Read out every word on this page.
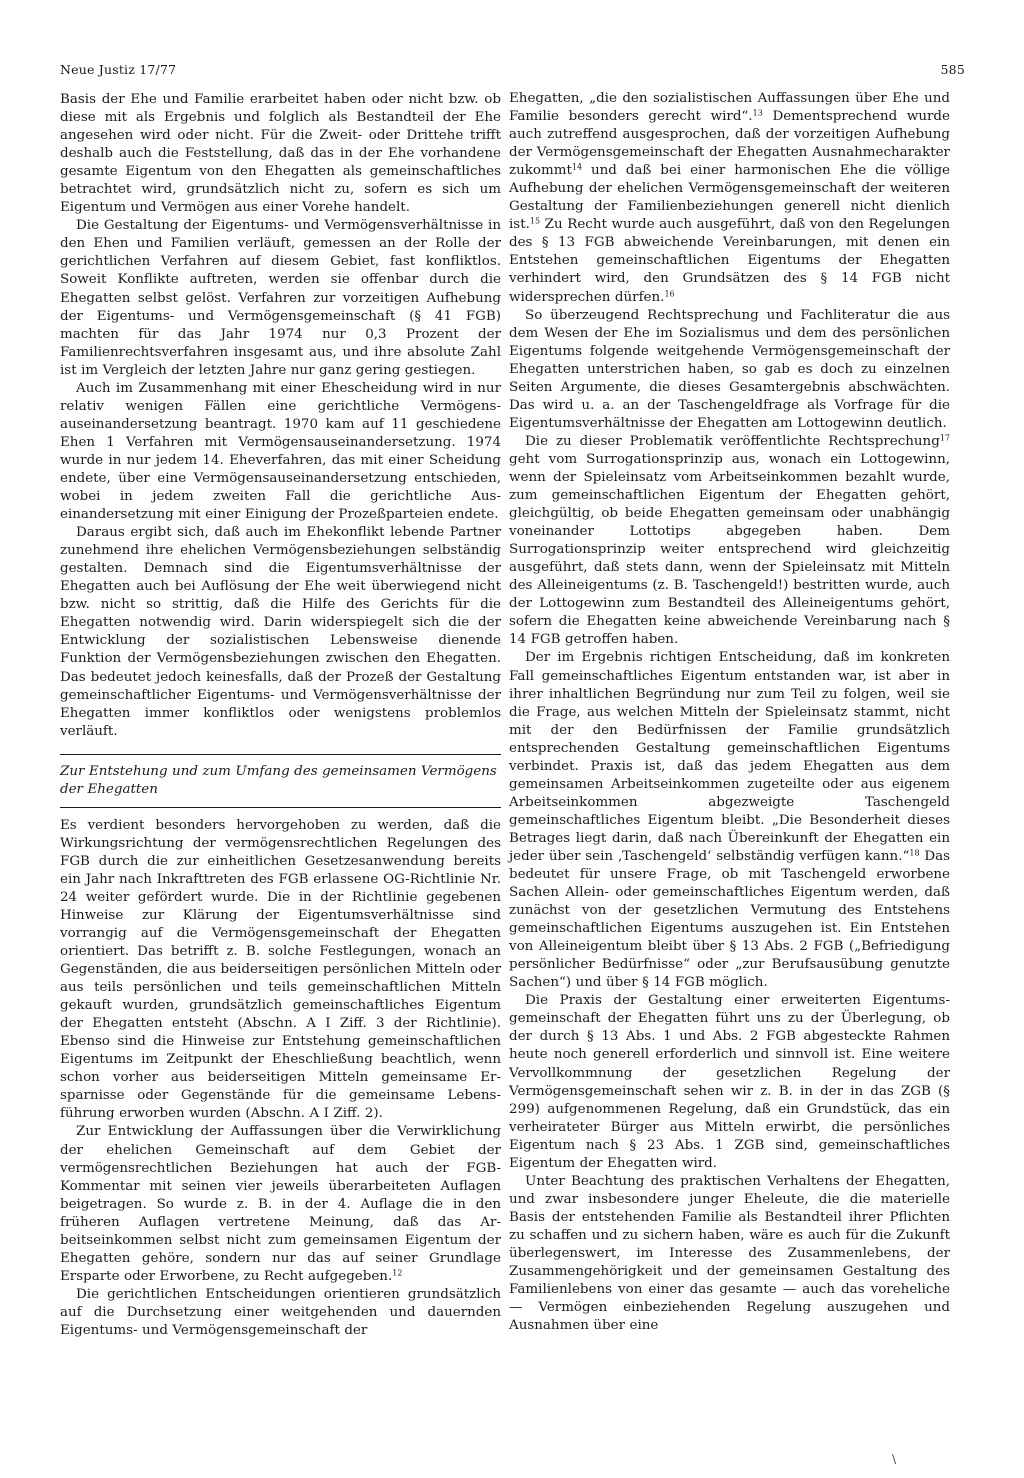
Neue Justiz 17/77	585

Basis der Ehe und Familie erarbeitet haben oder nicht bzw. ob diese mit als Ergebnis und folglich als Bestandteil der Ehe angesehen wird oder nicht. Für die Zweit- oder Drittehe trifft deshalb auch die Feststellung, daß das in der Ehe vorhandene gesamte Eigentum von den Ehegatten als gemeinschaftliches betrachtet wird, grundsätzlich nicht zu, sofern es sich um Eigentum und Vermögen aus einer Vorehe handelt.

Die Gestaltung der Eigentums- und Vermögensverhältnisse in den Ehen und Familien verläuft, gemessen an der Rolle der gerichtlichen Verfahren auf diesem Gebiet, fast konfliktlos. Soweit Konflikte auftreten, werden sie offenbar durch die Ehegatten selbst gelöst. Verfahren zur vorzeitigen Aufhebung der Eigentums- und Vermögensgemeinschaft (§ 41 FGB) machten für das Jahr 1974 nur 0,3 Prozent der Familienrechtsverfahren insgesamt aus, und ihre absolute Zahl ist im Vergleich der letzten Jahre nur ganz gering gestiegen.

Auch im Zusammenhang mit einer Ehescheidung wird in nur relativ wenigen Fällen eine gerichtliche Vermögensauseinandersetzung beantragt. 1970 kam auf 11 geschiedene Ehen 1 Verfahren mit Vermögensauseinandersetzung. 1974 wurde in nur jedem 14. Eheverfahren, das mit einer Scheidung endete, über eine Vermögensauseinandersetzung entschieden, wobei in jedem zweiten Fall die gerichtliche Auseinandersetzung mit einer Einigung der Prozeßparteien endete.

Daraus ergibt sich, daß auch im Ehekonflikt lebende Partner zunehmend ihre ehelichen Vermögensbeziehungen selbständig gestalten. Demnach sind die Eigentumsverhältnisse der Ehegatten auch bei Auflösung der Ehe weit überwiegend nicht bzw. nicht so strittig, daß die Hilfe des Gerichts für die Ehegatten notwendig wird. Darin widerspiegelt sich die der Entwicklung der sozialistischen Lebensweise dienende Funktion der Vermögensbeziehungen zwischen den Ehegatten. Das bedeutet jedoch keinesfalls, daß der Prozeß der Gestaltung gemeinschaftlicher Eigentums- und Vermögensverhältnisse der Ehegatten immer konfliktlos oder wenigstens problemlos verläuft.

Zur Entstehung und zum Umfang des gemeinsamen Vermögens der Ehegatten

Es verdient besonders hervorgehoben zu werden, daß die Wirkungsrichtung der vermögensrechtlichen Regelungen des FGB durch die zur einheitlichen Gesetzesanwendung bereits ein Jahr nach Inkrafttreten des FGB erlassene OG-Richtlinie Nr. 24 weiter gefördert wurde. Die in der Richtlinie gegebenen Hinweise zur Klärung der Eigentumsverhältnisse sind vorrangig auf die Vermögensgemeinschaft der Ehegatten orientiert. Das betrifft z. B. solche Festlegungen, wonach an Gegenständen, die aus beiderseitigen persönlichen Mitteln oder aus teils persönlichen und teils gemeinschaftlichen Mitteln gekauft wurden, grundsätzlich gemeinschaftliches Eigentum der Ehegatten entsteht (Abschn. A I Ziff. 3 der Richtlinie). Ebenso sind die Hinweise zur Entstehung gemeinschaftlichen Eigentums im Zeitpunkt der Eheschließung beachtlich, wenn schon vorher aus beiderseitigen Mitteln gemeinsame Ersparnisse oder Gegenstände für die gemeinsame Lebensführung erworben wurden (Abschn. A I Ziff. 2).

Zur Entwicklung der Auffassungen über die Verwirklichung der ehelichen Gemeinschaft auf dem Gebiet der vermögensrechtlichen Beziehungen hat auch der FGB-Kommentar mit seinen vier jeweils überarbeiteten Auflagen beigetragen. So wurde z. B. in der 4. Auflage die in den früheren Auflagen vertretene Meinung, daß das Arbeitseinkommen selbst nicht zum gemeinsamen Eigentum der Ehegatten gehöre, sondern nur das auf seiner Grundlage Ersparte oder Erworbene, zu Recht aufgegeben.$^{12}$

Die gerichtlichen Entscheidungen orientieren grundsätzlich auf die Durchsetzung einer weitgehenden und dauernden Eigentums- und Vermögensgemeinschaft der

Ehegatten, „die den sozialistischen Auffassungen über Ehe und Familie besonders gerecht wird“.$^{13}$ Dementsprechend wurde auch zutreffend ausgesprochen, daß der vorzeitigen Aufhebung der Vermögensgemeinschaft der Ehegatten Ausnahmecharakter zukommt$^{14}$ und daß bei einer harmonischen Ehe die völlige Aufhebung der ehelichen Vermögensgemeinschaft der weiteren Gestaltung der Familienbeziehungen generell nicht dienlich ist.$^{15}$ Zu Recht wurde auch ausgeführt, daß von den Regelungen des § 13 FGB abweichende Vereinbarungen, mit denen ein Entstehen gemeinschaftlichen Eigentums der Ehegatten verhindert wird, den Grundsätzen des § 14 FGB nicht widersprechen dürfen.$^{16}$

So überzeugend Rechtsprechung und Fachliteratur die aus dem Wesen der Ehe im Sozialismus und dem des persönlichen Eigentums folgende weitgehende Vermögensgemeinschaft der Ehegatten unterstrichen haben, so gab es doch zu einzelnen Seiten Argumente, die dieses Gesamtergebnis abschwächten. Das wird u. a. an der Taschengeldfrage als Vorfrage für die Eigentumsverhältnisse der Ehegatten am Lottogewinn deutlich.

Die zu dieser Problematik veröffentlichte Rechtsprechung$^{17}$ geht vom Surrogationsprinzip aus, wonach ein Lottogewinn, wenn der Spieleinsatz vom Arbeitseinkommen bezahlt wurde, zum gemeinschaftlichen Eigentum der Ehegatten gehört, gleichgültig, ob beide Ehegatten gemeinsam oder unabhängig voneinander Lottotips abgegeben haben. Dem Surrogationsprinzip weiter entsprechend wird gleichzeitig ausgeführt, daß stets dann, wenn der Spieleinsatz mit Mitteln des Alleineigentums (z. B. Taschengeld!) bestritten wurde, auch der Lottogewinn zum Bestandteil des Alleineigentums gehört, sofern die Ehegatten keine abweichende Vereinbarung nach § 14 FGB getroffen haben.

Der im Ergebnis richtigen Entscheidung, daß im konkreten Fall gemeinschaftliches Eigentum entstanden war, ist aber in ihrer inhaltlichen Begründung nur zum Teil zu folgen, weil sie die Frage, aus welchen Mitteln der Spieleinsatz stammt, nicht mit der den Bedürfnissen der Familie grundsätzlich entsprechenden Gestaltung gemeinschaftlichen Eigentums verbindet. Praxis ist, daß das jedem Ehegatten aus dem gemeinsamen Arbeitseinkommen zugeteilte oder aus eigenem Arbeitseinkommen abgezweigte Taschengeld gemeinschaftliches Eigentum bleibt. „Die Besonderheit dieses Betrages liegt darin, daß nach Übereinkunft der Ehegatten ein jeder über sein ‚Taschengeld‘ selbständig verfügen kann.“$^{18}$ Das bedeutet für unsere Frage, ob mit Taschengeld erworbene Sachen Allein- oder gemeinschaftliches Eigentum werden, daß zunächst von der gesetzlichen Vermutung des Entstehens gemeinschaftlichen Eigentums auszugehen ist. Ein Entstehen von Alleineigentum bleibt über § 13 Abs. 2 FGB („Befriedigung persönlicher Bedürfnisse“ oder „zur Berufsausübung genutzte Sachen“) und über § 14 FGB möglich.

Die Praxis der Gestaltung einer erweiterten Eigentumsgemeinschaft der Ehegatten führt uns zu der Überlegung, ob der durch § 13 Abs. 1 und Abs. 2 FGB abgesteckte Rahmen heute noch generell erforderlich und sinnvoll ist. Eine weitere Vervollkommnung der gesetzlichen Regelung der Vermögensgemeinschaft sehen wir z. B. in der in das ZGB (§ 299) aufgenommenen Regelung, daß ein Grundstück, das ein verheirateter Bürger aus Mitteln erwirbt, die persönliches Eigentum nach § 23 Abs. 1 ZGB sind, gemeinschaftliches Eigentum der Ehegatten wird.

Unter Beachtung des praktischen Verhaltens der Ehegatten, und zwar insbesondere junger Eheleute, die die materielle Basis der entstehenden Familie als Bestandteil ihrer Pflichten zu schaffen und zu sichern haben, wäre es auch für die Zukunft überlegenswert, im Interesse des Zusammenlebens, der Zusammengehörigkeit und der gemeinsamen Gestaltung des Familienlebens von einer das gesamte — auch das voreheliche — Vermögen einbeziehenden Regelung auszugehen und Ausnahmen über eine

\
